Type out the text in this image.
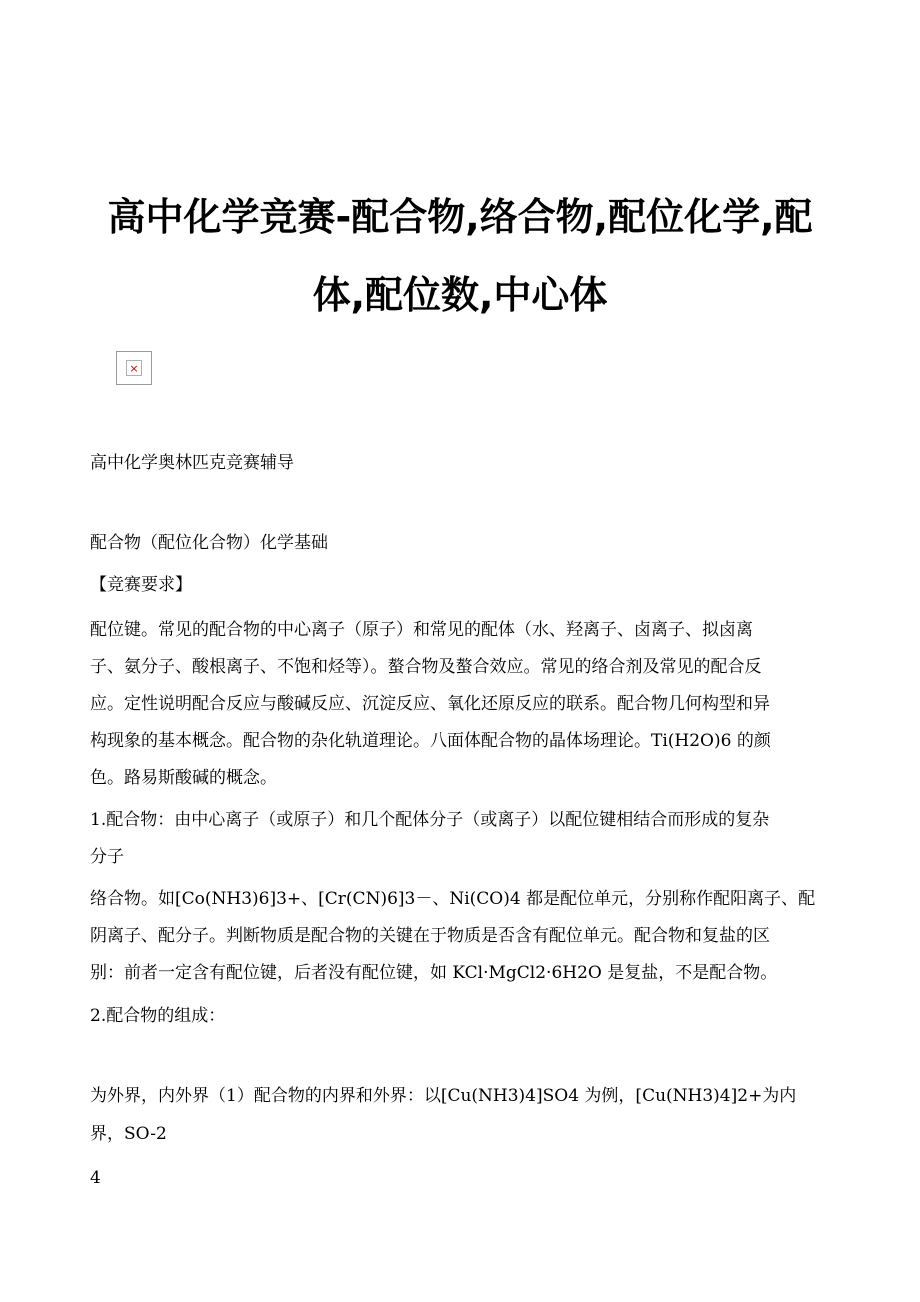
高中化学竞赛-配合物,络合物,配位化学,配
体,配位数,中心体
×
高中化学奥林匹克竞赛辅导
配合物（配位化合物）化学基础
【竞赛要求】
配位键。常见的配合物的中心离子（原子）和常见的配体（水、羟离子、卤离子、拟卤离
子、氨分子、酸根离子、不饱和烃等）。螯合物及螯合效应。常见的络合剂及常见的配合反
应。定性说明配合反应与酸碱反应、沉淀反应、氧化还原反应的联系。配合物几何构型和异
构现象的基本概念。配合物的杂化轨道理论。八面体配合物的晶体场理论。Ti(H2O)6 的颜
色。路易斯酸碱的概念。
1.配合物：由中心离子（或原子）和几个配体分子（或离子）以配位键相结合而形成的复杂
分子
络合物。如[Co(NH3)6]3+、[Cr(CN)6]3－、Ni(CO)4 都是配位单元，分别称作配阳离子、配
阴离子、配分子。判断物质是配合物的关键在于物质是否含有配位单元。配合物和复盐的区
别：前者一定含有配位键，后者没有配位键，如 KCl·MgCl2·6H2O 是复盐，不是配合物。
2.配合物的组成：
为外界，内外界（1）配合物的内界和外界：以[Cu(NH3)4]SO4 为例，[Cu(NH3)4]2+为内
界，SO-2
4
